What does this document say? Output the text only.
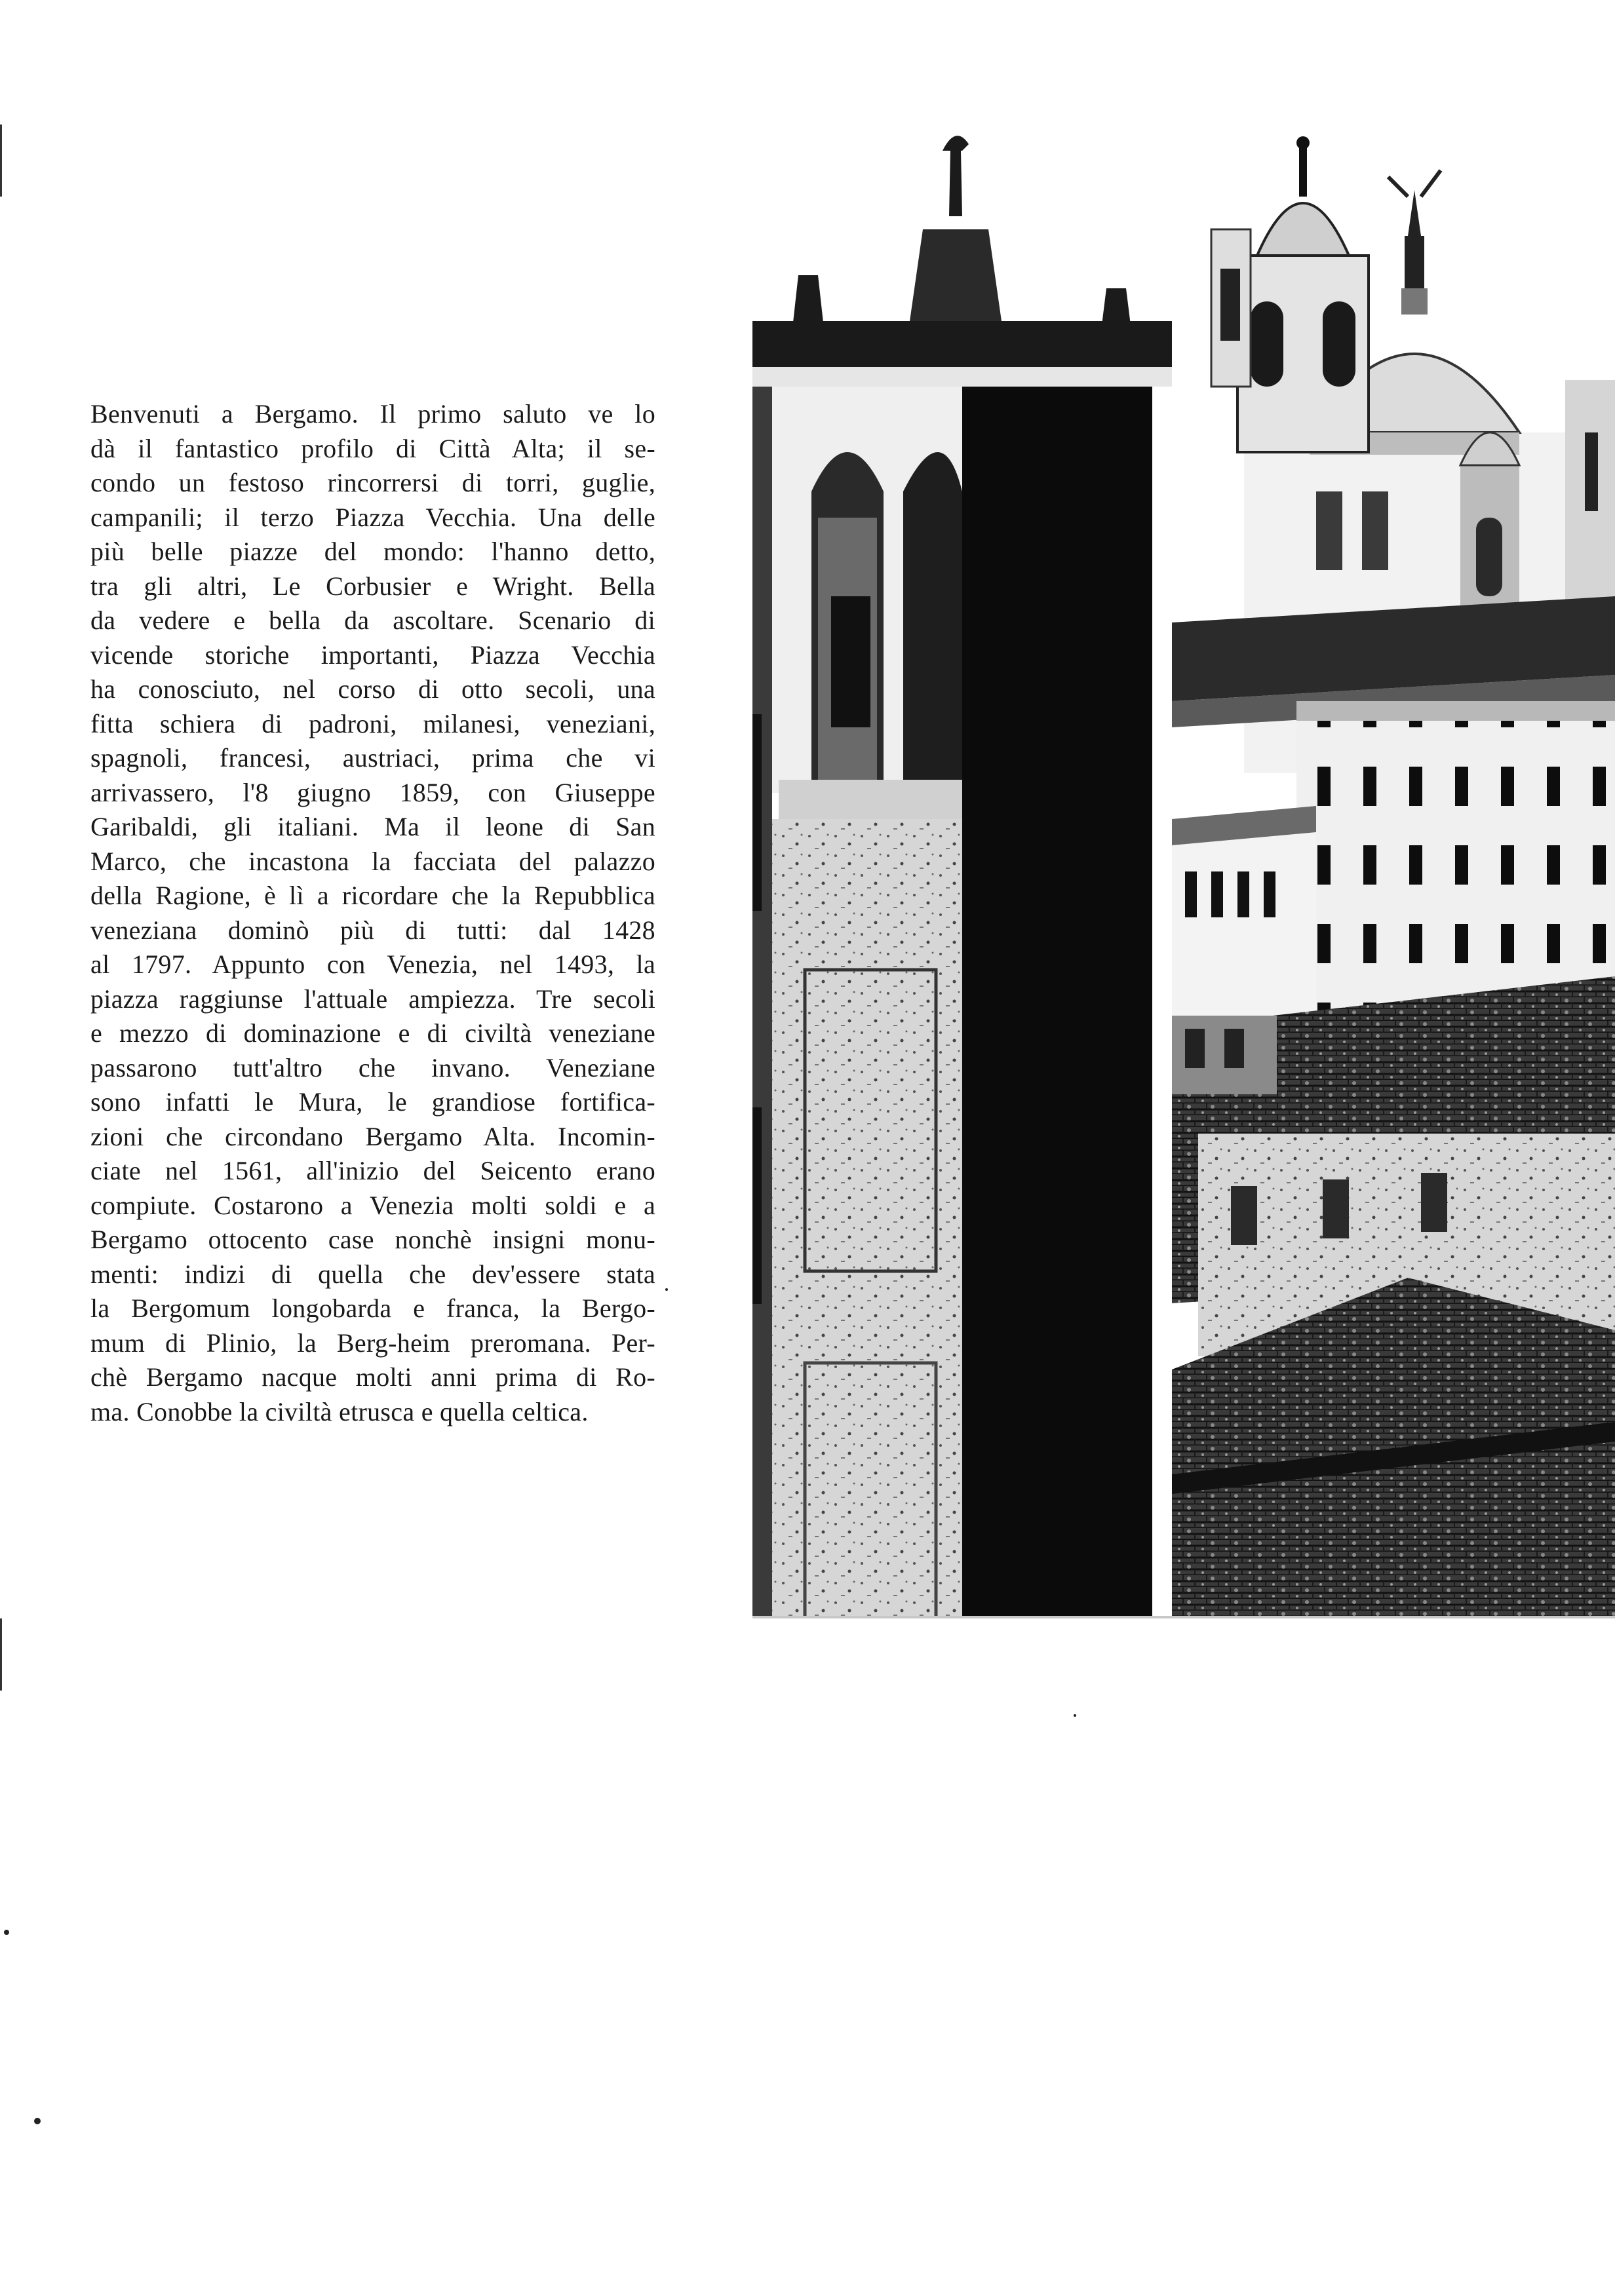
Benvenuti a Bergamo. Il primo saluto ve lo
dà il fantastico profilo di Città Alta; il se-
condo un festoso rincorrersi di torri, guglie,
campanili; il terzo Piazza Vecchia. Una delle
più belle piazze del mondo: l'hanno detto,
tra gli altri, Le Corbusier e Wright. Bella
da vedere e bella da ascoltare. Scenario di
vicende storiche importanti, Piazza Vecchia
ha conosciuto, nel corso di otto secoli, una
fitta schiera di padroni, milanesi, veneziani,
spagnoli, francesi, austriaci, prima che vi
arrivassero, l'8 giugno 1859, con Giuseppe
Garibaldi, gli italiani. Ma il leone di San
Marco, che incastona la facciata del palazzo
della Ragione, è lì a ricordare che la Repubblica
veneziana dominò più di tutti: dal 1428
al 1797. Appunto con Venezia, nel 1493, la
piazza raggiunse l'attuale ampiezza. Tre secoli
e mezzo di dominazione e di civiltà veneziane
passarono tutt'altro che invano. Veneziane
sono infatti le Mura, le grandiose fortifica-
zioni che circondano Bergamo Alta. Incomin-
ciate nel 1561, all'inizio del Seicento erano
compiute. Costarono a Venezia molti soldi e a
Bergamo ottocento case nonchè insigni monu-
menti: indizi di quella che dev'essere stata
la Bergomum longobarda e franca, la Bergo-
mum di Plinio, la Berg-heim preromana. Per-
chè Bergamo nacque molti anni prima di Ro-
ma. Conobbe la civiltà etrusca e quella celtica.
